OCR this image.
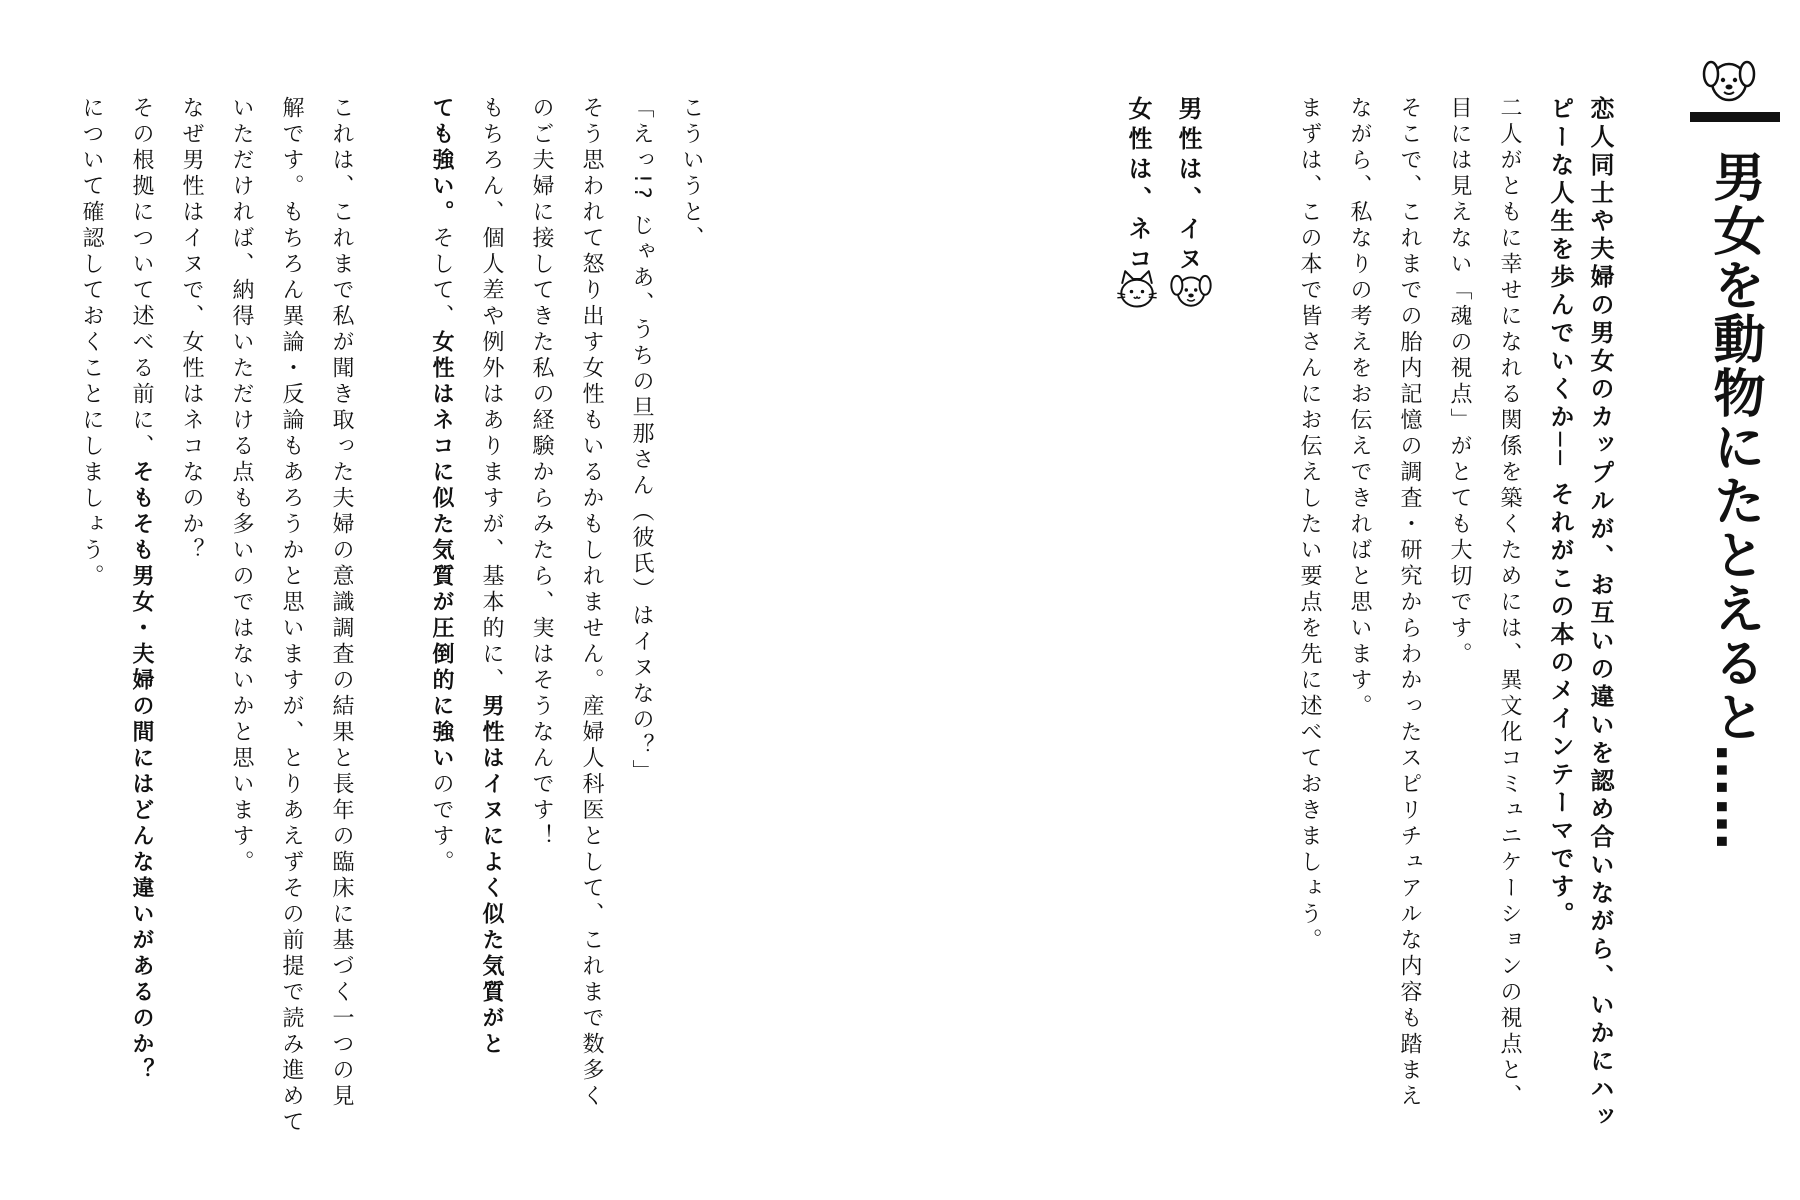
男女を動物にたとえると……
恋人同士や夫婦の男女のカップルが、お互いの違いを認め合いながら、いかにハッ
ピーな人生を歩んでいくか── それがこの本のメインテーマです。
二人がともに幸せになれる関係を築くためには、異文化コミュニケーションの視点と、
目には見えない「魂の視点」がとても大切です。
そこで、これまでの胎内記憶の調査・研究からわかったスピリチュアルな内容も踏まえ
ながら、私なりの考えをお伝えできればと思います。
まずは、この本で皆さんにお伝えしたい要点を先に述べておきましょう。
男性は、イヌ
女性は、ネコ
こういうと、
「えっ!? じゃあ、うちの旦那さん（彼氏）はイヌなの？」
そう思われて怒り出す女性もいるかもしれません。産婦人科医として、これまで数多く
のご夫婦に接してきた私の経験からみたら、実はそうなんです！
もちろん、個人差や例外はありますが、基本的に、男性はイヌによく似た気質がと
ても強い。そして、女性はネコに似た気質が圧倒的に強いのです。
これは、これまで私が聞き取った夫婦の意識調査の結果と長年の臨床に基づく一つの見
解です。もちろん異論・反論もあろうかと思いますが、とりあえずその前提で読み進めて
いただければ、納得いただける点も多いのではないかと思います。
なぜ男性はイヌで、女性はネコなのか？
その根拠について述べる前に、そもそも男女・夫婦の間にはどんな違いがあるのか？
について確認しておくことにしましょう。
